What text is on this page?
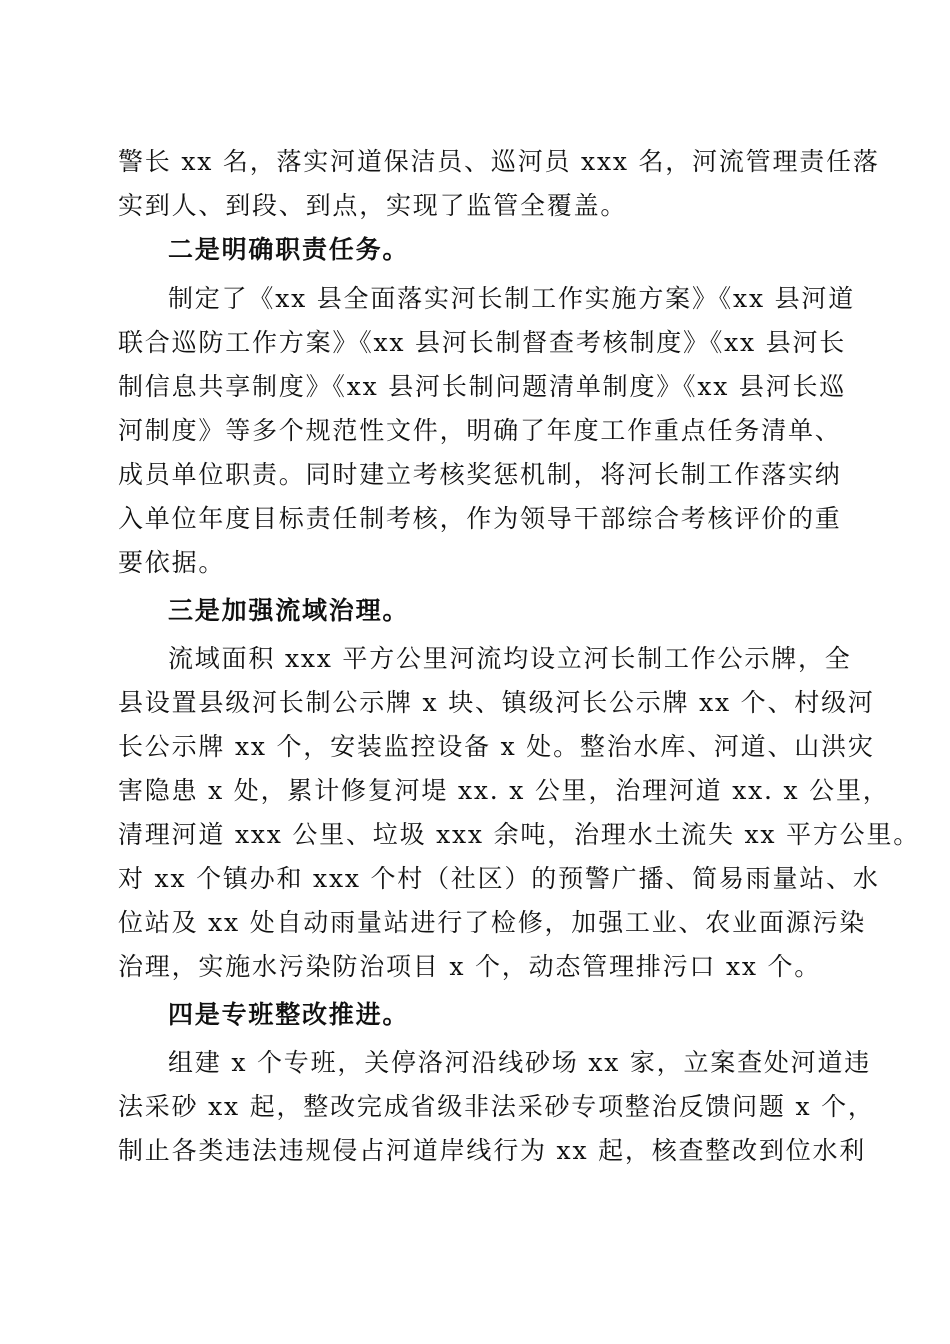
警长 xx 名，落实河道保洁员、巡河员 xxx 名，河流管理责任落
实到人、到段、到点，实现了监管全覆盖。
二是明确职责任务。
制定了《xx 县全面落实河长制工作实施方案》《xx 县河道
联合巡防工作方案》《xx 县河长制督查考核制度》《xx 县河长
制信息共享制度》《xx 县河长制问题清单制度》《xx 县河长巡
河制度》等多个规范性文件，明确了年度工作重点任务清单、
成员单位职责。同时建立考核奖惩机制，将河长制工作落实纳
入单位年度目标责任制考核，作为领导干部综合考核评价的重
要依据。
三是加强流域治理。
流域面积 xxx 平方公里河流均设立河长制工作公示牌，全
县设置县级河长制公示牌 x 块、镇级河长公示牌 xx 个、村级河
长公示牌 xx 个，安装监控设备 x 处。整治水库、河道、山洪灾
害隐患 x 处，累计修复河堤 xx. x 公里，治理河道 xx. x 公里，
清理河道 xxx 公里、垃圾 xxx 余吨，治理水土流失 xx 平方公里。
对 xx 个镇办和 xxx 个村（社区）的预警广播、简易雨量站、水
位站及 xx 处自动雨量站进行了检修，加强工业、农业面源污染
治理，实施水污染防治项目 x 个，动态管理排污口 xx 个。
四是专班整改推进。
组建 x 个专班，关停洛河沿线砂场 xx 家，立案查处河道违
法采砂 xx 起，整改完成省级非法采砂专项整治反馈问题 x 个，
制止各类违法违规侵占河道岸线行为 xx 起，核查整改到位水利
